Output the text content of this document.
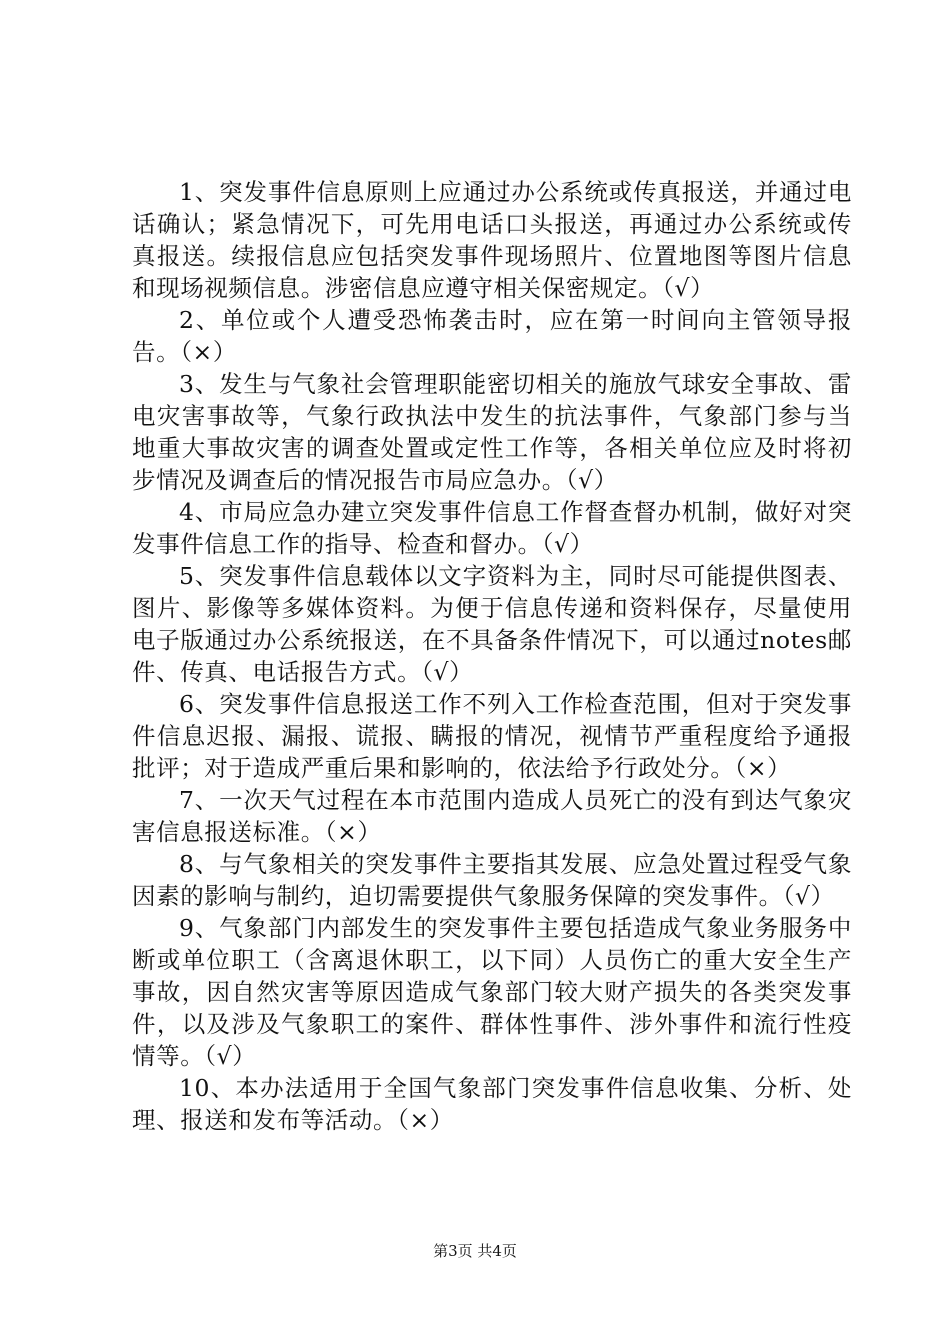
1、突发事件信息原则上应通过办公系统或传真报送，并通过电话确认；紧急情况下，可先用电话口头报送，再通过办公系统或传真报送。续报信息应包括突发事件现场照片、位置地图等图片信息和现场视频信息。涉密信息应遵守相关保密规定。（√）

2、单位或个人遭受恐怖袭击时，应在第一时间向主管领导报告。（×）

3、发生与气象社会管理职能密切相关的施放气球安全事故、雷电灾害事故等，气象行政执法中发生的抗法事件，气象部门参与当地重大事故灾害的调查处置或定性工作等，各相关单位应及时将初步情况及调查后的情况报告市局应急办。（√）

4、市局应急办建立突发事件信息工作督查督办机制，做好对突发事件信息工作的指导、检查和督办。（√）

5、突发事件信息载体以文字资料为主，同时尽可能提供图表、图片、影像等多媒体资料。为便于信息传递和资料保存，尽量使用电子版通过办公系统报送，在不具备条件情况下，可以通过notes邮件、传真、电话报告方式。（√）

6、突发事件信息报送工作不列入工作检查范围，但对于突发事件信息迟报、漏报、谎报、瞒报的情况，视情节严重程度给予通报批评；对于造成严重后果和影响的，依法给予行政处分。（×）

7、一次天气过程在本市范围内造成人员死亡的没有到达气象灾害信息报送标准。（×）

8、与气象相关的突发事件主要指其发展、应急处置过程受气象因素的影响与制约，迫切需要提供气象服务保障的突发事件。（√）

9、气象部门内部发生的突发事件主要包括造成气象业务服务中断或单位职工（含离退休职工，以下同）人员伤亡的重大安全生产事故，因自然灾害等原因造成气象部门较大财产损失的各类突发事件，以及涉及气象职工的案件、群体性事件、涉外事件和流行性疫情等。（√）

10、本办法适用于全国气象部门突发事件信息收集、分析、处理、报送和发布等活动。（×）

第3页 共4页
